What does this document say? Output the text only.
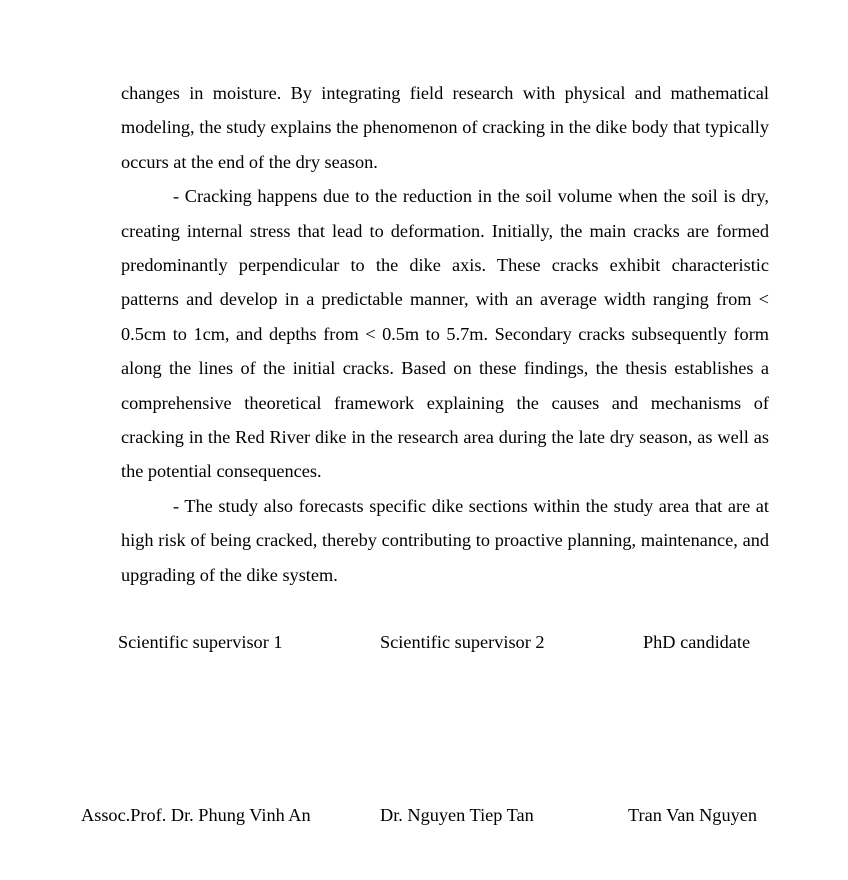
changes in moisture. By integrating field research with physical and mathematical modeling, the study explains the phenomenon of cracking in the dike body that typically occurs at the end of the dry season.

- Cracking happens due to the reduction in the soil volume when the soil is dry, creating internal stress that lead to deformation. Initially, the main cracks are formed predominantly perpendicular to the dike axis. These cracks exhibit characteristic patterns and develop in a predictable manner, with an average width ranging from < 0.5cm to 1cm, and depths from < 0.5m to 5.7m. Secondary cracks subsequently form along the lines of the initial cracks. Based on these findings, the thesis establishes a comprehensive theoretical framework explaining the causes and mechanisms of cracking in the Red River dike in the research area during the late dry season, as well as the potential consequences.

- The study also forecasts specific dike sections within the study area that are at high risk of being cracked, thereby contributing to proactive planning, maintenance, and upgrading of the dike system.

Scientific supervisor 1	Scientific supervisor 2	PhD candidate
Assoc.Prof. Dr. Phung Vinh An	Dr. Nguyen Tiep Tan	Tran Van Nguyen
